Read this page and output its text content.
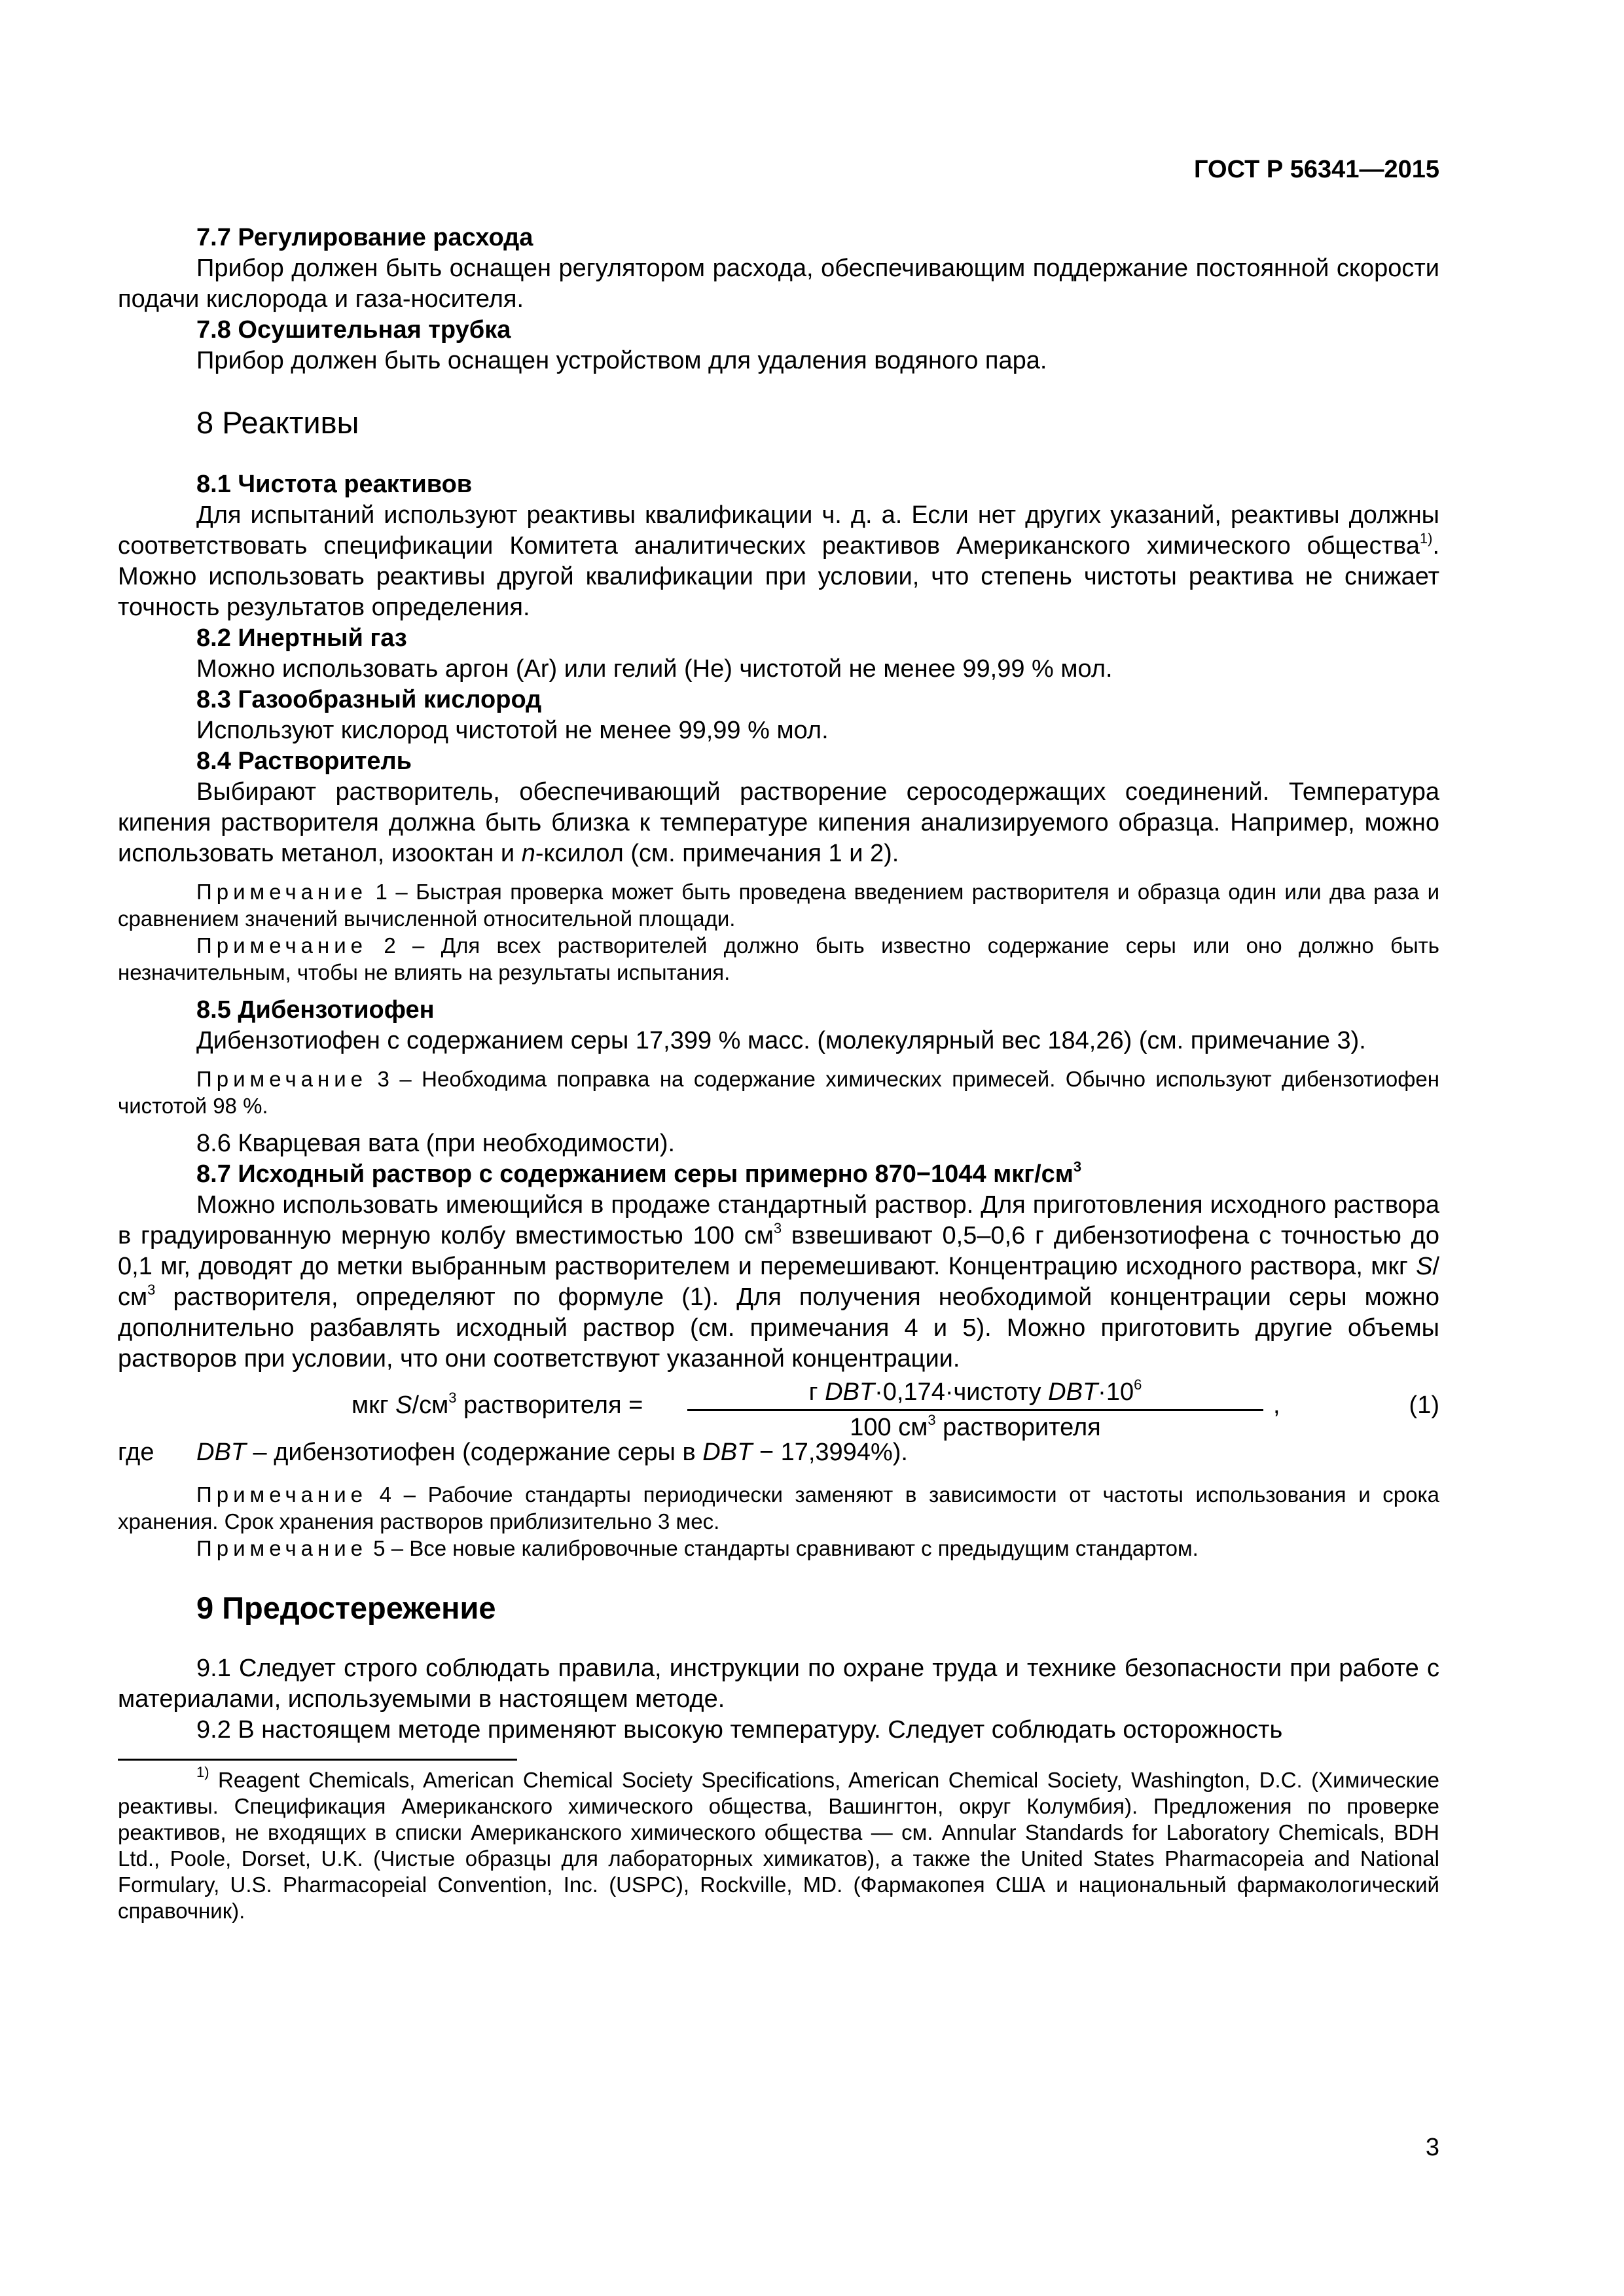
ГОСТ Р 56341—2015

7.7 Регулирование расхода

Прибор должен быть оснащен регулятором расхода, обеспечивающим поддержание постоянной скорости подачи кислорода и газа-носителя.

7.8 Осушительная трубка

Прибор должен быть оснащен устройством для удаления водяного пара.

8 Реактивы

8.1 Чистота реактивов

Для испытаний используют реактивы квалификации ч. д. а. Если нет других указаний, реактивы должны соответствовать спецификации Комитета аналитических реактивов Американского химического общества$^{1)}$. Можно использовать реактивы другой квалификации при условии, что степень чистоты реактива не снижает точность результатов определения.

8.2 Инертный газ

Можно использовать аргон (Ar) или гелий (He) чистотой не менее 99,99 % мол.

8.3 Газообразный кислород

Используют кислород чистотой не менее 99,99 % мол.

8.4 Растворитель

Выбирают растворитель, обеспечивающий растворение серосодержащих соединений. Температура кипения растворителя должна быть близка к температуре кипения анализируемого образца. Например, можно использовать метанол, изооктан и n-ксилол (см. примечания 1 и 2).

Примечание 1 – Быстрая проверка может быть проведена введением растворителя и образца один или два раза и сравнением значений вычисленной относительной площади.

Примечание 2 – Для всех растворителей должно быть известно содержание серы или оно должно быть незначительным, чтобы не влиять на результаты испытания.

8.5 Дибензотиофен

Дибензотиофен с содержанием серы 17,399 % масс. (молекулярный вес 184,26) (см. примечание 3).

Примечание 3 – Необходима поправка на содержание химических примесей. Обычно используют дибензотиофен чистотой 98 %.

8.6 Кварцевая вата (при необходимости).

8.7 Исходный раствор с содержанием серы примерно 870−1044 мкг/$см^3$

Можно использовать имеющийся в продаже стандартный раствор. Для приготовления исходного раствора в градуированную мерную колбу вместимостью 100 $см^3$ взвешивают 0,5–0,6 г дибензотиофена с точностью до 0,1 мг, доводят до метки выбранным растворителем и перемешивают. Концентрацию исходного раствора, мкг $S/см^3$ растворителя, определяют по формуле (1). Для получения необходимой концентрации серы можно дополнительно разбавлять исходный раствор (см. примечания 4 и 5). Можно приготовить другие объемы растворов при условии, что они соответствуют указанной концентрации.

мкг $S/см^3$ растворителя =	г DBT·0,174·чистоту $DBT\cdot 10^6$
100 $см^3$ растворителя
,	(1)
где DBT – дибензотиофен (содержание серы в DBT − 17,3994%).

Примечание 4 – Рабочие стандарты периодически заменяют в зависимости от частоты использования и срока хранения. Срок хранения растворов приблизительно 3 мес.

Примечание 5 – Все новые калибровочные стандарты сравнивают с предыдущим стандартом.

9 Предостережение

9.1 Следует строго соблюдать правила, инструкции по охране труда и технике безопасности при работе с материалами, используемыми в настоящем методе.

9.2 В настоящем методе применяют высокую температуру. Следует соблюдать осторожность

$^{1)}$ Reagent Chemicals, American Chemical Society Specifications, American Chemical Society, Washington, D.C. (Химические реактивы. Спецификация Американского химического общества, Вашингтон, округ Колумбия). Предложения по проверке реактивов, не входящих в списки Американского химического общества — см. Annular Standards for Laboratory Chemicals, BDH Ltd., Poole, Dorset, U.K. (Чистые образцы для лабораторных химикатов), а также the United States Pharmacopeia and National Formulary, U.S. Pharmacopeial Convention, Inc. (USPC), Rockville, MD. (Фармакопея США и национальный фармакологический справочник).

3
